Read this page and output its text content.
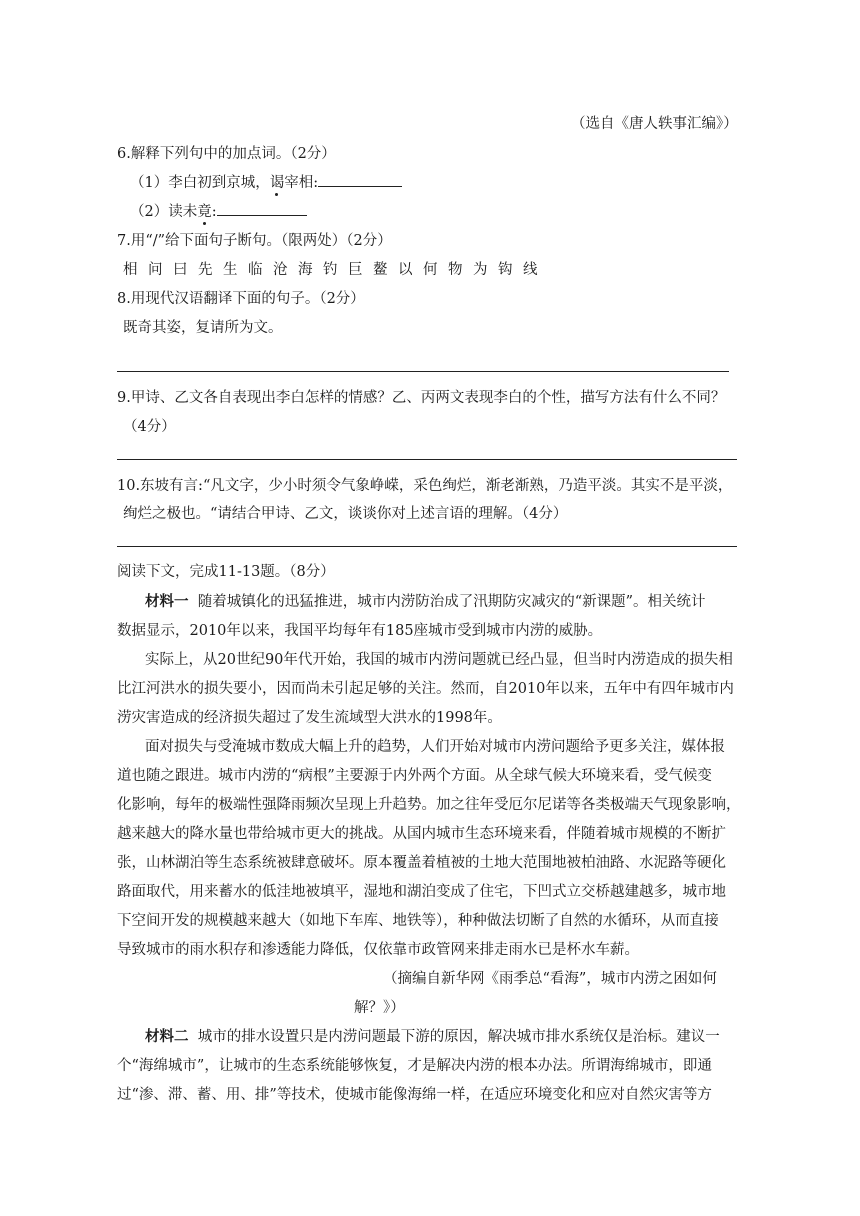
（选自《唐人轶事汇编》）
6.解释下列句中的加点词。（2分）
（1）李白初到京城，谒宰相:
（2）读未竟:
7.用“/”给下面句子断句。（限两处）（2分）
相问曰先生临沧海钓巨鳌以何物为钩线
8.用现代汉语翻译下面的句子。（2分）
既奇其姿，复请所为文。
9.甲诗、乙文各自表现出李白怎样的情感？乙、丙两文表现李白的个性，描写方法有什么不同？
（4分）
10.东坡有言:“凡文字，少小时须令气象峥嵘，采色绚烂，渐老渐熟，乃造平淡。其实不是平淡，
绚烂之极也。“请结合甲诗、乙文，谈谈你对上述言语的理解。（4分）
阅读下文，完成11-13题。（8分）
材料一 随着城镇化的迅猛推进，城市内涝防治成了汛期防灾减灾的“新课题”。相关统计
数据显示，2010年以来，我国平均每年有185座城市受到城市内涝的威胁。
实际上，从20世纪90年代开始，我国的城市内涝问题就已经凸显，但当时内涝造成的损失相
比江河洪水的损失要小，因而尚未引起足够的关注。然而，自2010年以来，五年中有四年城市内
涝灾害造成的经济损失超过了发生流域型大洪水的1998年。
面对损失与受淹城市数成大幅上升的趋势，人们开始对城市内涝问题给予更多关注，媒体报
道也随之跟进。城市内涝的“病根”主要源于内外两个方面。从全球气候大环境来看，受气候变
化影响，每年的极端性强降雨频次呈现上升趋势。加之往年受厄尔尼诺等各类极端天气现象影响，
越来越大的降水量也带给城市更大的挑战。从国内城市生态环境来看，伴随着城市规模的不断扩
张，山林湖泊等生态系统被肆意破坏。原本覆盖着植被的土地大范围地被柏油路、水泥路等硬化
路面取代，用来蓄水的低洼地被填平，湿地和湖泊变成了住宅，下凹式立交桥越建越多，城市地
下空间开发的规模越来越大（如地下车库、地铁等），种种做法切断了自然的水循环，从而直接
导致城市的雨水积存和渗透能力降低，仅依靠市政管网来排走雨水已是杯水车薪。
（摘编自新华网《雨季总“看海”，城市内涝之困如何
解？》）
材料二 城市的排水设置只是内涝问题最下游的原因，解决城市排水系统仅是治标。建议一
个“海绵城市”，让城市的生态系统能够恢复，才是解决内涝的根本办法。所谓海绵城市，即通
过“渗、滞、蓄、用、排”等技术，使城市能像海绵一样，在适应环境变化和应对自然灾害等方
